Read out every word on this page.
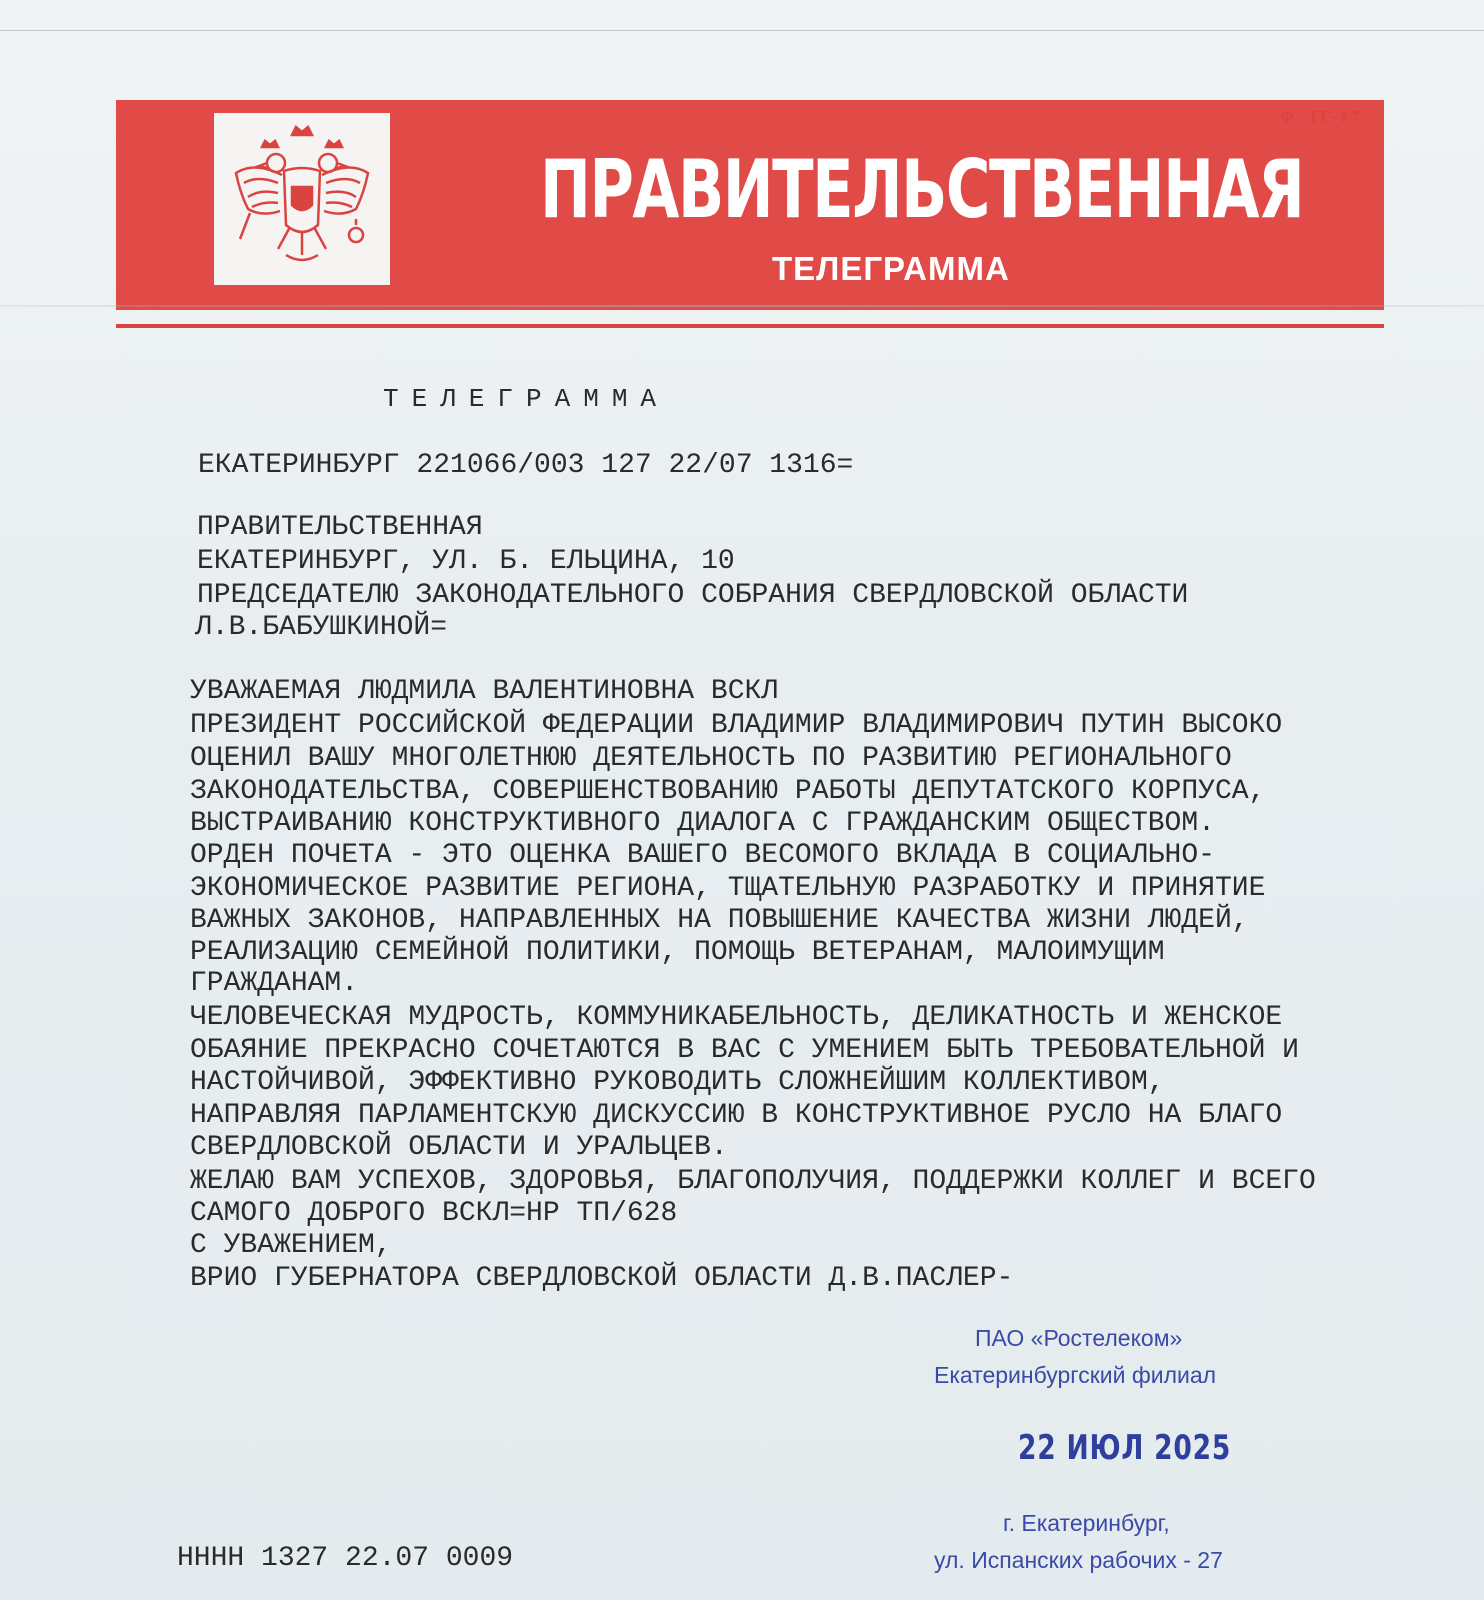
Ф. ТГ-17
ПРАВИТЕЛЬСТВЕННАЯ
ТЕЛЕГРАММА
ТЕЛЕГРАММА
ЕКАТЕРИНБУРГ 221066/003 127 22/07 1316=
ПРАВИТЕЛЬСТВЕННАЯ
ЕКАТЕРИНБУРГ, УЛ. Б. ЕЛЬЦИНА, 10
ПРЕДСЕДАТЕЛЮ ЗАКОНОДАТЕЛЬНОГО СОБРАНИЯ СВЕРДЛОВСКОЙ ОБЛАСТИ
Л.В.БАБУШКИНОЙ=
УВАЖАЕМАЯ ЛЮДМИЛА ВАЛЕНТИНОВНА ВСКЛ
ПРЕЗИДЕНТ РОССИЙСКОЙ ФЕДЕРАЦИИ ВЛАДИМИР ВЛАДИМИРОВИЧ ПУТИН ВЫСОКО
ОЦЕНИЛ ВАШУ МНОГОЛЕТНЮЮ ДЕЯТЕЛЬНОСТЬ ПО РАЗВИТИЮ РЕГИОНАЛЬНОГО
ЗАКОНОДАТЕЛЬСТВА, СОВЕРШЕНСТВОВАНИЮ РАБОТЫ ДЕПУТАТСКОГО КОРПУСА,
ВЫСТРАИВАНИЮ КОНСТРУКТИВНОГО ДИАЛОГА С ГРАЖДАНСКИМ ОБЩЕСТВОМ.
ОРДЕН ПОЧЕТА - ЭТО ОЦЕНКА ВАШЕГО ВЕСОМОГО ВКЛАДА В СОЦИАЛЬНО-
ЭКОНОМИЧЕСКОЕ РАЗВИТИЕ РЕГИОНА, ТЩАТЕЛЬНУЮ РАЗРАБОТКУ И ПРИНЯТИЕ
ВАЖНЫХ ЗАКОНОВ, НАПРАВЛЕННЫХ НА ПОВЫШЕНИЕ КАЧЕСТВА ЖИЗНИ ЛЮДЕЙ,
РЕАЛИЗАЦИЮ СЕМЕЙНОЙ ПОЛИТИКИ, ПОМОЩЬ ВЕТЕРАНАМ, МАЛОИМУЩИМ
ГРАЖДАНАМ.
ЧЕЛОВЕЧЕСКАЯ МУДРОСТЬ, КОММУНИКАБЕЛЬНОСТЬ, ДЕЛИКАТНОСТЬ И ЖЕНСКОЕ
ОБАЯНИЕ ПРЕКРАСНО СОЧЕТАЮТСЯ В ВАС С УМЕНИЕМ БЫТЬ ТРЕБОВАТЕЛЬНОЙ И
НАСТОЙЧИВОЙ, ЭФФЕКТИВНО РУКОВОДИТЬ СЛОЖНЕЙШИМ КОЛЛЕКТИВОМ,
НАПРАВЛЯЯ ПАРЛАМЕНТСКУЮ ДИСКУССИЮ В КОНСТРУКТИВНОЕ РУСЛО НА БЛАГО
СВЕРДЛОВСКОЙ ОБЛАСТИ И УРАЛЬЦЕВ.
ЖЕЛАЮ ВАМ УСПЕХОВ, ЗДОРОВЬЯ, БЛАГОПОЛУЧИЯ, ПОДДЕРЖКИ КОЛЛЕГ И ВСЕГО
САМОГО ДОБРОГО ВСКЛ=НР ТП/628
С УВАЖЕНИЕМ,
ВРИО ГУБЕРНАТОРА СВЕРДЛОВСКОЙ ОБЛАСТИ Д.В.ПАСЛЕР-
ПАО «Ростелеком»
Екатеринбургский филиал
22 ИЮЛ 2025
г. Екатеринбург,
ул. Испанских рабочих - 27
НННН 1327 22.07 0009
